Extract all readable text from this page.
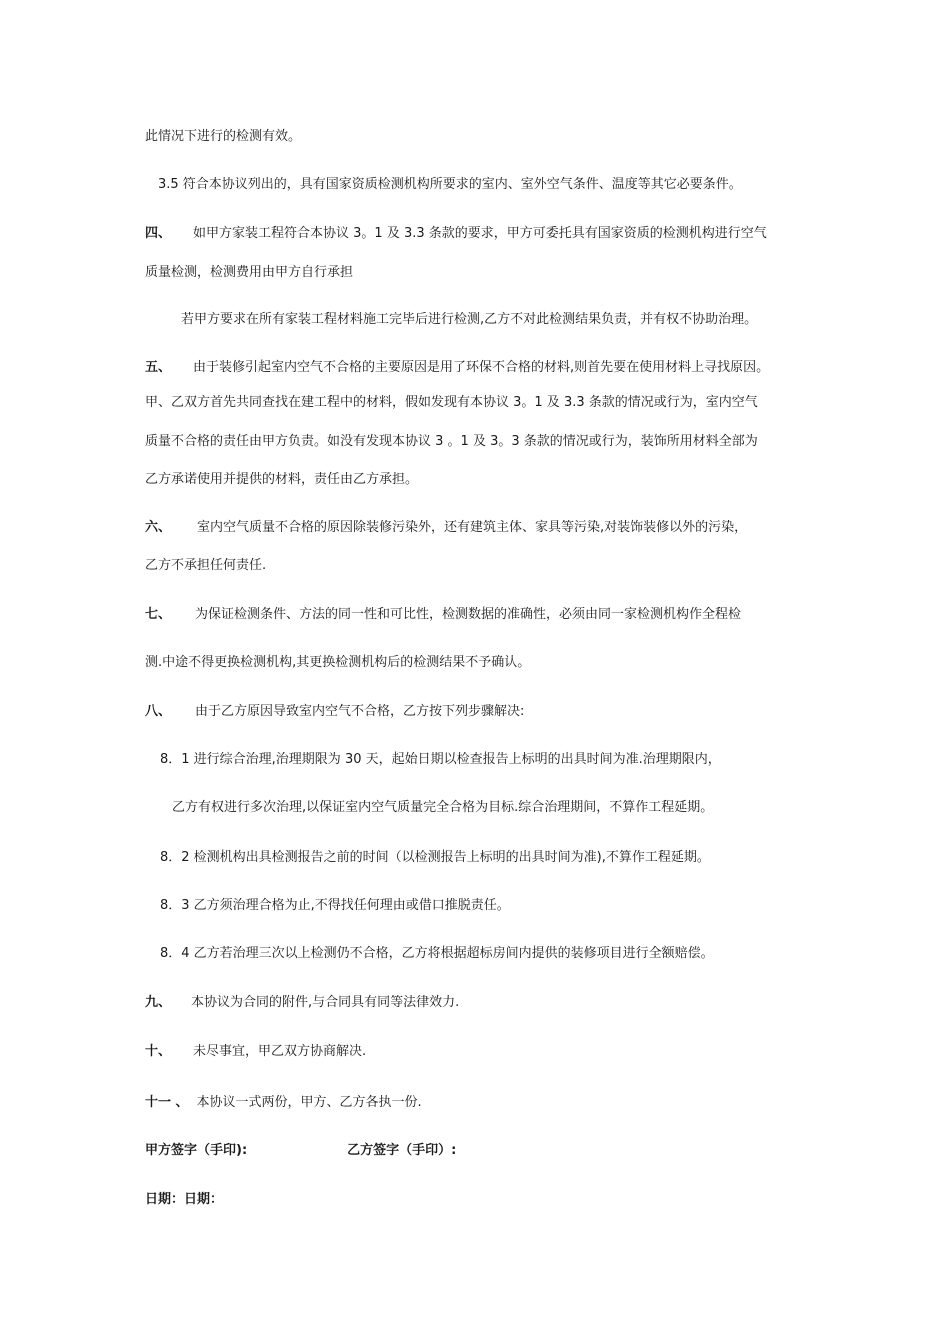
此情况下进行的检测有效。
3.5 符合本协议列出的，具有国家资质检测机构所要求的室内、室外空气条件、温度等其它必要条件。
四、 如甲方家装工程符合本协议 3。1 及 3.3 条款的要求，甲方可委托具有国家资质的检测机构进行空气
质量检测，检测费用由甲方自行承担
若甲方要求在所有家装工程材料施工完毕后进行检测,乙方不对此检测结果负责，并有权不协助治理。
五、 由于装修引起室内空气不合格的主要原因是用了环保不合格的材料,则首先要在使用材料上寻找原因。
甲、乙双方首先共同查找在建工程中的材料，假如发现有本协议 3。1 及 3.3 条款的情况或行为，室内空气
质量不合格的责任由甲方负责。如没有发现本协议 3 。1 及 3。3 条款的情况或行为，装饰所用材料全部为
乙方承诺使用并提供的材料，责任由乙方承担。
六、 室内空气质量不合格的原因除装修污染外，还有建筑主体、家具等污染,对装饰装修以外的污染，
乙方不承担任何责任.
七、 为保证检测条件、方法的同一性和可比性，检测数据的准确性，必须由同一家检测机构作全程检
测.中途不得更换检测机构,其更换检测机构后的检测结果不予确认。
八、 由于乙方原因导致室内空气不合格，乙方按下列步骤解决:
8．1 进行综合治理,治理期限为 30 天，起始日期以检查报告上标明的出具时间为准.治理期限内，
乙方有权进行多次治理,以保证室内空气质量完全合格为目标.综合治理期间，不算作工程延期。
8．2 检测机构出具检测报告之前的时间（以检测报告上标明的出具时间为准),不算作工程延期。
8．3 乙方须治理合格为止,不得找任何理由或借口推脱责任。
8．4 乙方若治理三次以上检测仍不合格，乙方将根据超标房间内提供的装修项目进行全额赔偿。
九、 本协议为合同的附件,与合同具有同等法律效力.
十、 未尽事宜，甲乙双方协商解决.
十一 、 本协议一式两份，甲方、乙方各执一份.
甲方签字（手印):	乙方签字（手印）:
日期：日期：
